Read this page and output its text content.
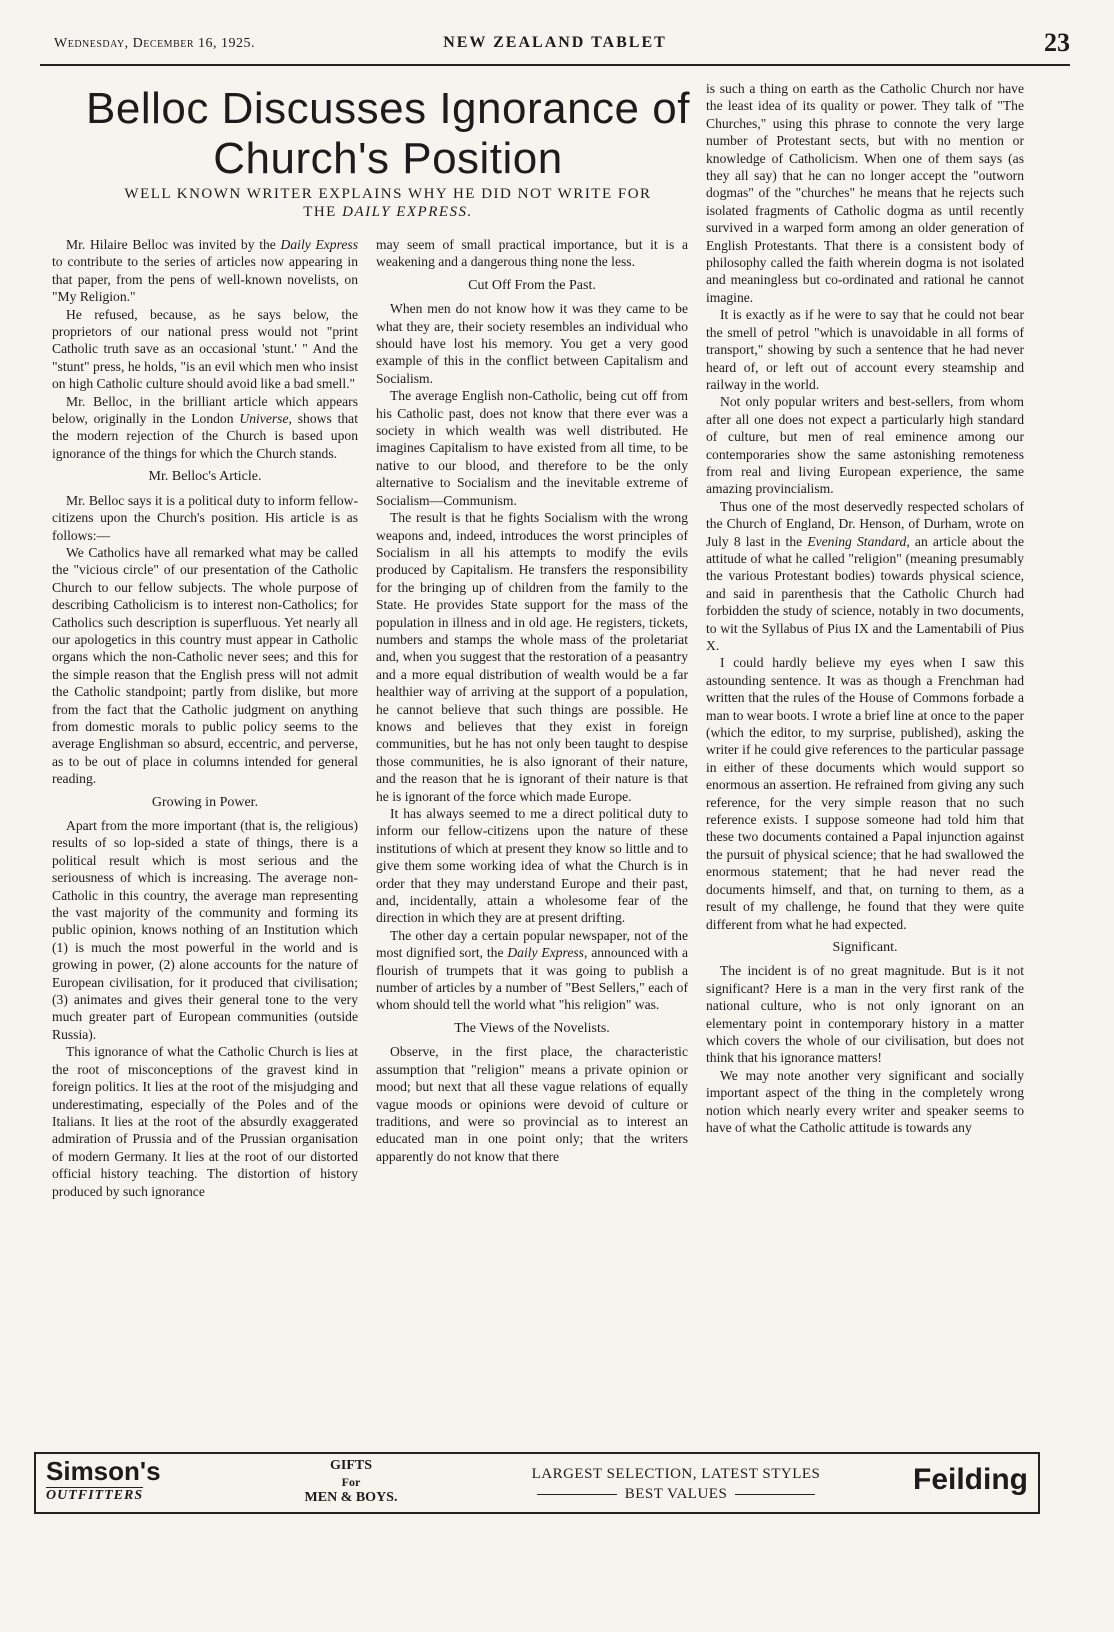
Wednesday, December 16, 1925.	NEW ZEALAND TABLET	23
Belloc Discusses Ignorance of Church's Position
WELL KNOWN WRITER EXPLAINS WHY HE DID NOT WRITE FOR
THE DAILY EXPRESS.

Mr. Hilaire Belloc was invited by the Daily Express to contribute to the series of articles now appearing in that paper, from the pens of well-known novelists, on "My Religion."

He refused, because, as he says below, the proprietors of our national press would not "print Catholic truth save as an occasional 'stunt.' " And the "stunt" press, he holds, "is an evil which men who insist on high Catholic culture should avoid like a bad smell."

Mr. Belloc, in the brilliant article which appears below, originally in the London Universe, shows that the modern rejection of the Church is based upon ignorance of the things for which the Church stands.

Mr. Belloc's Article.

Mr. Belloc says it is a political duty to inform fellow-citizens upon the Church's position. His article is as follows:—

We Catholics have all remarked what may be called the "vicious circle" of our presentation of the Catholic Church to our fellow subjects. The whole purpose of describing Catholicism is to interest non-Catholics; for Catholics such description is superfluous. Yet nearly all our apologetics in this country must appear in Catholic organs which the non-Catholic never sees; and this for the simple reason that the English press will not admit the Catholic standpoint; partly from dislike, but more from the fact that the Catholic judgment on anything from domestic morals to public policy seems to the average Englishman so absurd, eccentric, and perverse, as to be out of place in columns intended for general reading.

Growing in Power.

Apart from the more important (that is, the religious) results of so lop-sided a state of things, there is a political result which is most serious and the seriousness of which is increasing. The average non-Catholic in this country, the average man representing the vast majority of the community and forming its public opinion, knows nothing of an Institution which (1) is much the most powerful in the world and is growing in power, (2) alone accounts for the nature of European civilisation, for it produced that civilisation; (3) animates and gives their general tone to the very much greater part of European communities (outside Russia).

This ignorance of what the Catholic Church is lies at the root of misconceptions of the gravest kind in foreign politics. It lies at the root of the misjudging and underestimating, especially of the Poles and of the Italians. It lies at the root of the absurdly exaggerated admiration of Prussia and of the Prussian organisation of modern Germany. It lies at the root of our distorted official history teaching. The distortion of history produced by such ignorance

may seem of small practical importance, but it is a weakening and a dangerous thing none the less.

Cut Off From the Past.

When men do not know how it was they came to be what they are, their society resembles an individual who should have lost his memory. You get a very good example of this in the conflict between Capitalism and Socialism.

The average English non-Catholic, being cut off from his Catholic past, does not know that there ever was a society in which wealth was well distributed. He imagines Capitalism to have existed from all time, to be native to our blood, and therefore to be the only alternative to Socialism and the inevitable extreme of Socialism—Communism.

The result is that he fights Socialism with the wrong weapons and, indeed, introduces the worst principles of Socialism in all his attempts to modify the evils produced by Capitalism. He transfers the responsibility for the bringing up of children from the family to the State. He provides State support for the mass of the population in illness and in old age. He registers, tickets, numbers and stamps the whole mass of the proletariat and, when you suggest that the restoration of a peasantry and a more equal distribution of wealth would be a far healthier way of arriving at the support of a population, he cannot believe that such things are possible. He knows and believes that they exist in foreign communities, but he has not only been taught to despise those communities, he is also ignorant of their nature, and the reason that he is ignorant of their nature is that he is ignorant of the force which made Europe.

It has always seemed to me a direct political duty to inform our fellow-citizens upon the nature of these institutions of which at present they know so little and to give them some working idea of what the Church is in order that they may understand Europe and their past, and, incidentally, attain a wholesome fear of the direction in which they are at present drifting.

The other day a certain popular newspaper, not of the most dignified sort, the Daily Express, announced with a flourish of trumpets that it was going to publish a number of articles by a number of "Best Sellers," each of whom should tell the world what "his religion" was.

The Views of the Novelists.

Observe, in the first place, the characteristic assumption that "religion" means a private opinion or mood; but next that all these vague relations of equally vague moods or opinions were devoid of culture or traditions, and were so provincial as to interest an educated man in one point only; that the writers apparently do not know that there

is such a thing on earth as the Catholic Church nor have the least idea of its quality or power. They talk of "The Churches," using this phrase to connote the very large number of Protestant sects, but with no mention or knowledge of Catholicism. When one of them says (as they all say) that he can no longer accept the "outworn dogmas" of the "churches" he means that he rejects such isolated fragments of Catholic dogma as until recently survived in a warped form among an older generation of English Protestants. That there is a consistent body of philosophy called the faith wherein dogma is not isolated and meaningless but co-ordinated and rational he cannot imagine.

It is exactly as if he were to say that he could not bear the smell of petrol "which is unavoidable in all forms of transport," showing by such a sentence that he had never heard of, or left out of account every steamship and railway in the world.

Not only popular writers and best-sellers, from whom after all one does not expect a particularly high standard of culture, but men of real eminence among our contemporaries show the same astonishing remoteness from real and living European experience, the same amazing provincialism.

Thus one of the most deservedly respected scholars of the Church of England, Dr. Henson, of Durham, wrote on July 8 last in the Evening Standard, an article about the attitude of what he called "religion" (meaning presumably the various Protestant bodies) towards physical science, and said in parenthesis that the Catholic Church had forbidden the study of science, notably in two documents, to wit the Syllabus of Pius IX and the Lamentabili of Pius X.

I could hardly believe my eyes when I saw this astounding sentence. It was as though a Frenchman had written that the rules of the House of Commons forbade a man to wear boots. I wrote a brief line at once to the paper (which the editor, to my surprise, published), asking the writer if he could give references to the particular passage in either of these documents which would support so enormous an assertion. He refrained from giving any such reference, for the very simple reason that no such reference exists. I suppose someone had told him that these two documents contained a Papal injunction against the pursuit of physical science; that he had swallowed the enormous statement; that he had never read the documents himself, and that, on turning to them, as a result of my challenge, he found that they were quite different from what he had expected.

Significant.

The incident is of no great magnitude. But is it not significant? Here is a man in the very first rank of the national culture, who is not only ignorant on an elementary point in contemporary history in a matter which covers the whole of our civilisation, but does not think that his ignorance matters!

We may note another very significant and socially important aspect of the thing in the completely wrong notion which nearly every writer and speaker seems to have of what the Catholic attitude is towards any

Simson's
OUTFITTERS
GIFTS
For
MEN & BOYS.
LARGEST SELECTION, LATEST STYLES
BEST VALUES	Feilding
